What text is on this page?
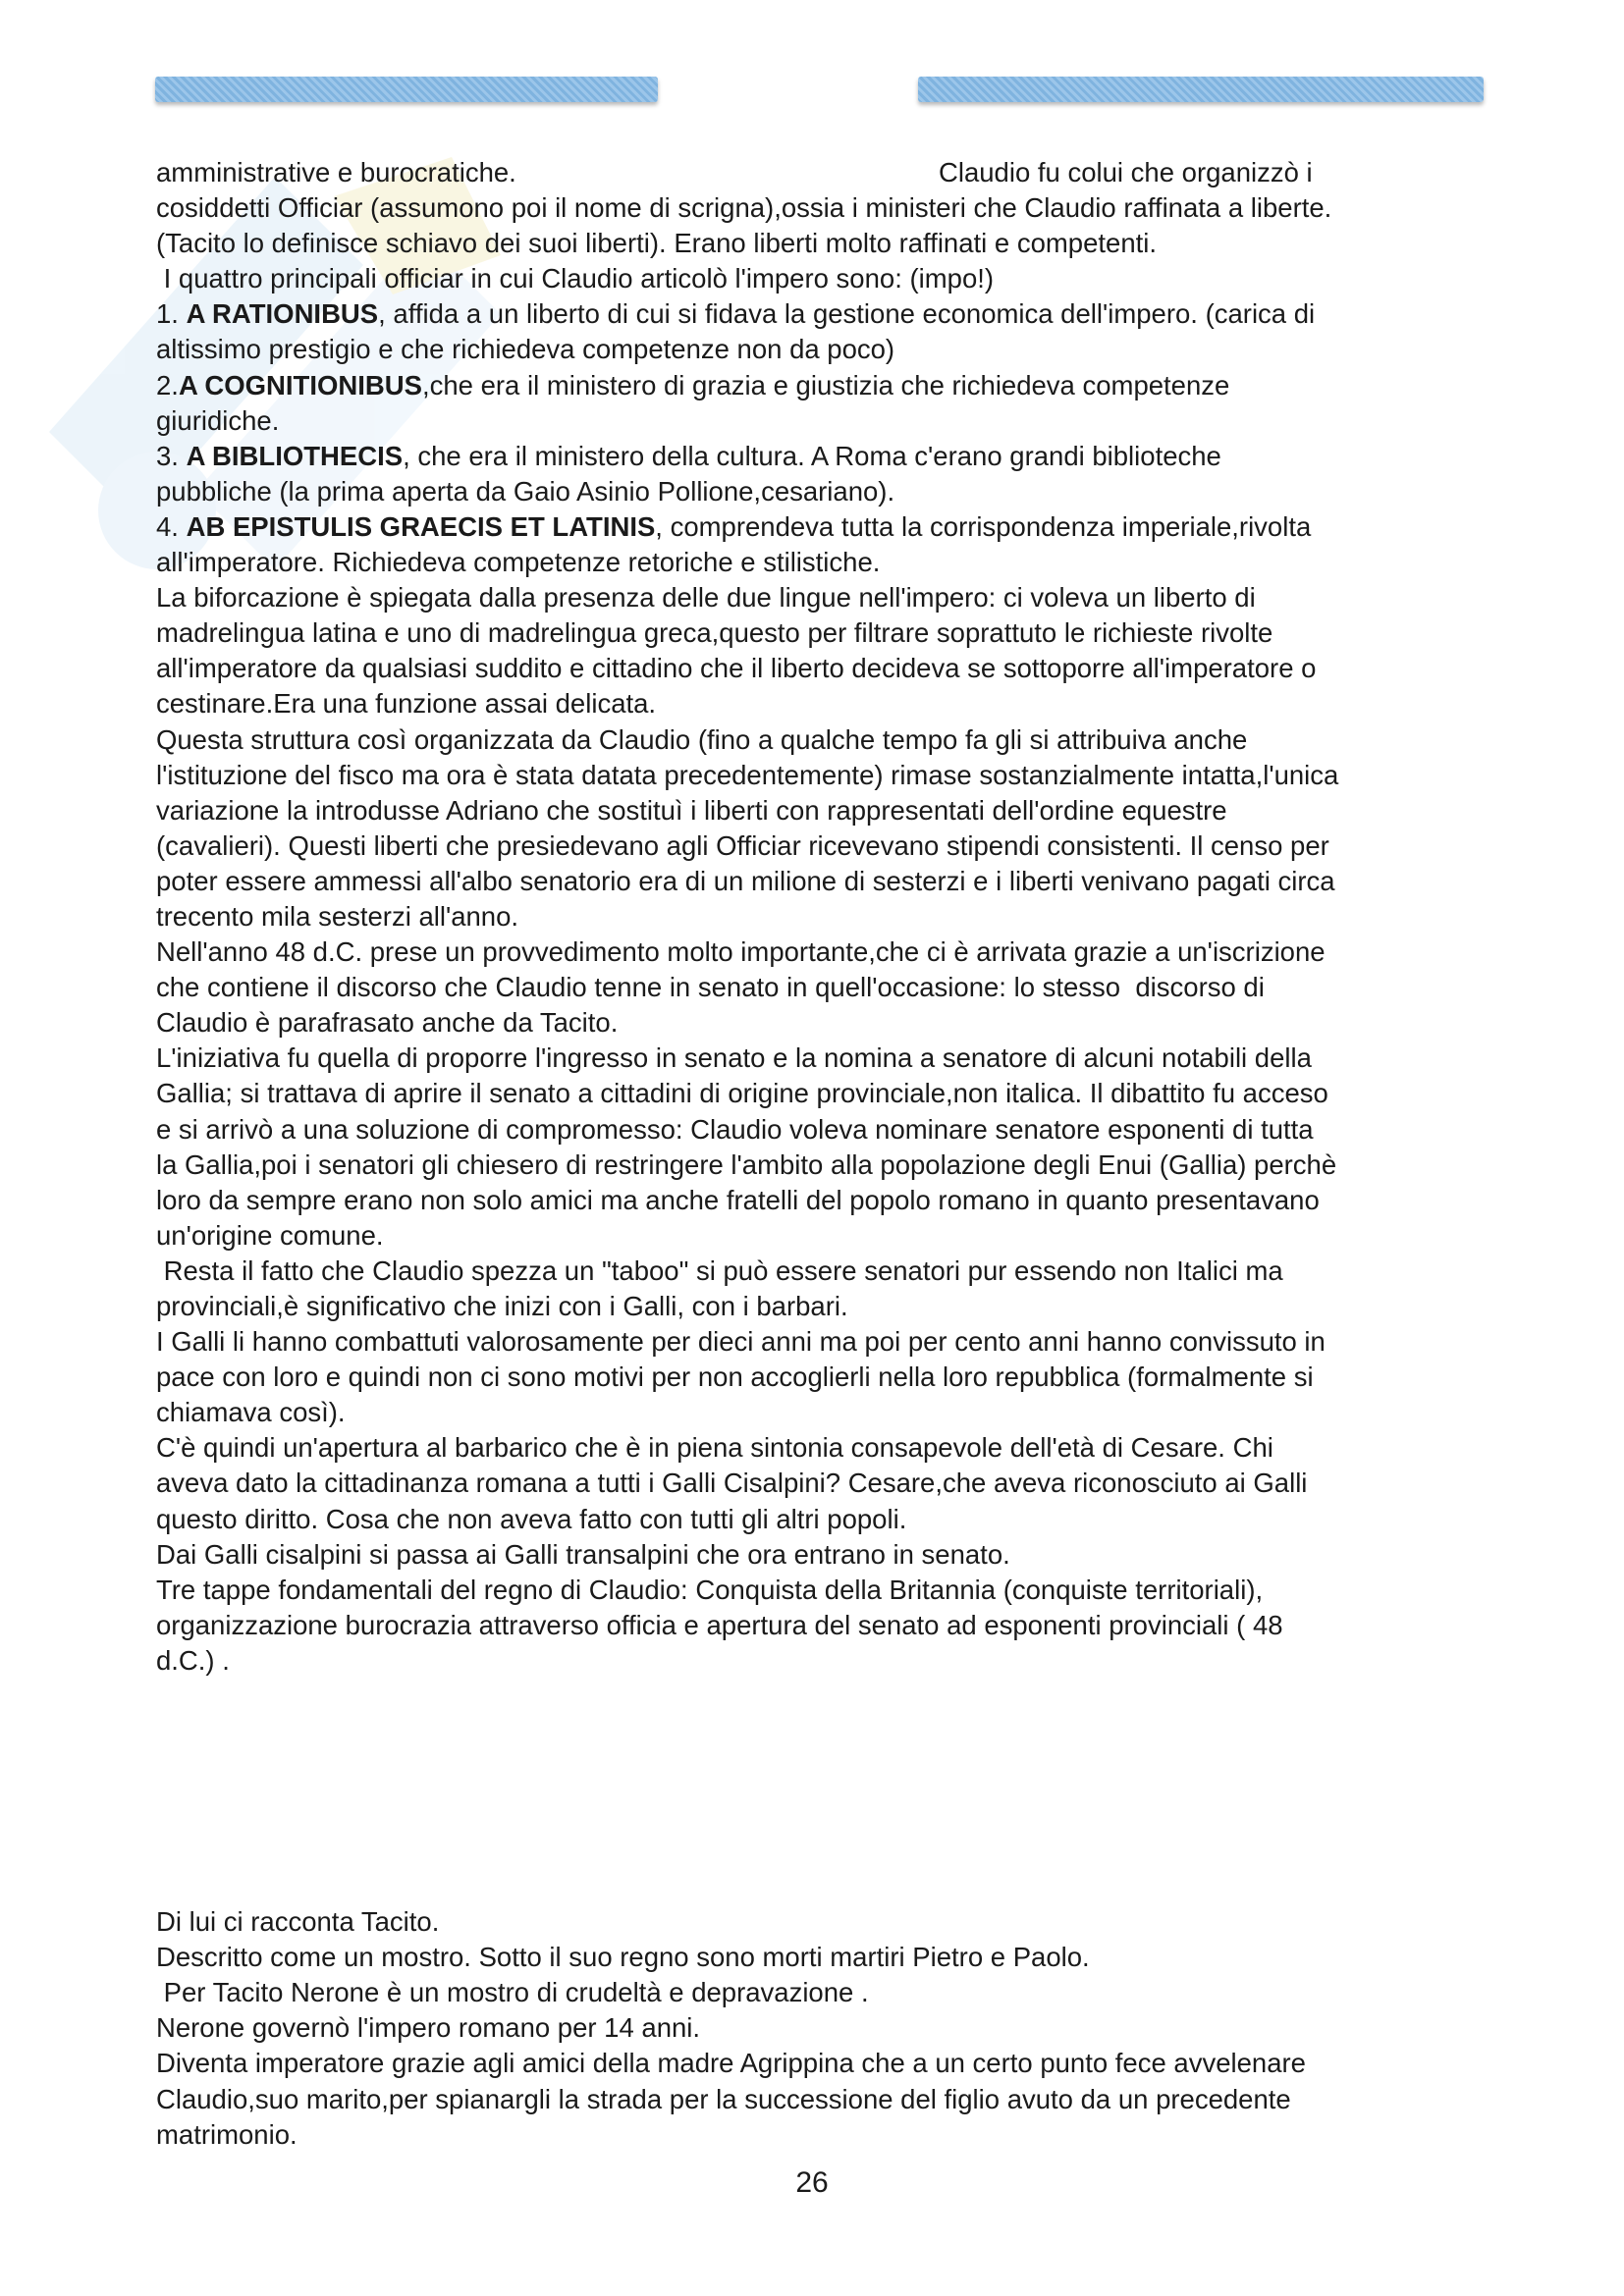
amministrative e burocratiche.	Claudio fu colui che organizzò i
cosiddetti Officiar (assumono poi il nome di scrigna),ossia i ministeri che Claudio raffinata a liberte.
(Tacito lo definisce schiavo dei suoi liberti). Erano liberti molto raffinati e competenti.
I quattro principali officiar in cui Claudio articolò l'impero sono: (impo!)
1. A RATIONIBUS, affida a un liberto di cui si fidava la gestione economica dell'impero. (carica di
altissimo prestigio e che richiedeva competenze non da poco)
2.A COGNITIONIBUS,che era il ministero di grazia e giustizia che richiedeva competenze
giuridiche.
3. A BIBLIOTHECIS, che era il ministero della cultura. A Roma c'erano grandi biblioteche
pubbliche (la prima aperta da Gaio Asinio Pollione,cesariano).
4. AB EPISTULIS GRAECIS ET LATINIS, comprendeva tutta la corrispondenza imperiale,rivolta
all'imperatore. Richiedeva competenze retoriche e stilistiche.
La biforcazione è spiegata dalla presenza delle due lingue nell'impero: ci voleva un liberto di
madrelingua latina e uno di madrelingua greca,questo per filtrare soprattuto le richieste rivolte
all'imperatore da qualsiasi suddito e cittadino che il liberto decideva se sottoporre all'imperatore o
cestinare.Era una funzione assai delicata.
Questa struttura così organizzata da Claudio (fino a qualche tempo fa gli si attribuiva anche
l'istituzione del fisco ma ora è stata datata precedentemente) rimase sostanzialmente intatta,l'unica
variazione la introdusse Adriano che sostituì i liberti con rappresentati dell'ordine equestre
(cavalieri). Questi liberti che presiedevano agli Officiar ricevevano stipendi consistenti. Il censo per
poter essere ammessi all'albo senatorio era di un milione di sesterzi e i liberti venivano pagati circa
trecento mila sesterzi all'anno.
Nell'anno 48 d.C. prese un provvedimento molto importante,che ci è arrivata grazie a un'iscrizione
che contiene il discorso che Claudio tenne in senato in quell'occasione: lo stesso  discorso di
Claudio è parafrasato anche da Tacito.
L'iniziativa fu quella di proporre l'ingresso in senato e la nomina a senatore di alcuni notabili della
Gallia; si trattava di aprire il senato a cittadini di origine provinciale,non italica. Il dibattito fu acceso
e si arrivò a una soluzione di compromesso: Claudio voleva nominare senatore esponenti di tutta
la Gallia,poi i senatori gli chiesero di restringere l'ambito alla popolazione degli Enui (Gallia) perchè
loro da sempre erano non solo amici ma anche fratelli del popolo romano in quanto presentavano
un'origine comune.
Resta il fatto che Claudio spezza un "taboo" si può essere senatori pur essendo non Italici ma
provinciali,è significativo che inizi con i Galli, con i barbari.
I Galli li hanno combattuti valorosamente per dieci anni ma poi per cento anni hanno convissuto in
pace con loro e quindi non ci sono motivi per non accoglierli nella loro repubblica (formalmente si
chiamava così).
C'è quindi un'apertura al barbarico che è in piena sintonia consapevole dell'età di Cesare. Chi
aveva dato la cittadinanza romana a tutti i Galli Cisalpini? Cesare,che aveva riconosciuto ai Galli
questo diritto. Cosa che non aveva fatto con tutti gli altri popoli.
Dai Galli cisalpini si passa ai Galli transalpini che ora entrano in senato.
Tre tappe fondamentali del regno di Claudio: Conquista della Britannia (conquiste territoriali),
organizzazione burocrazia attraverso officia e apertura del senato ad esponenti provinciali ( 48
d.C.) .
Di lui ci racconta Tacito.
Descritto come un mostro. Sotto il suo regno sono morti martiri Pietro e Paolo.
Per Tacito Nerone è un mostro di crudeltà e depravazione .
Nerone governò l'impero romano per 14 anni.
Diventa imperatore grazie agli amici della madre Agrippina che a un certo punto fece avvelenare
Claudio,suo marito,per spianargli la strada per la successione del figlio avuto da un precedente
matrimonio.
26
